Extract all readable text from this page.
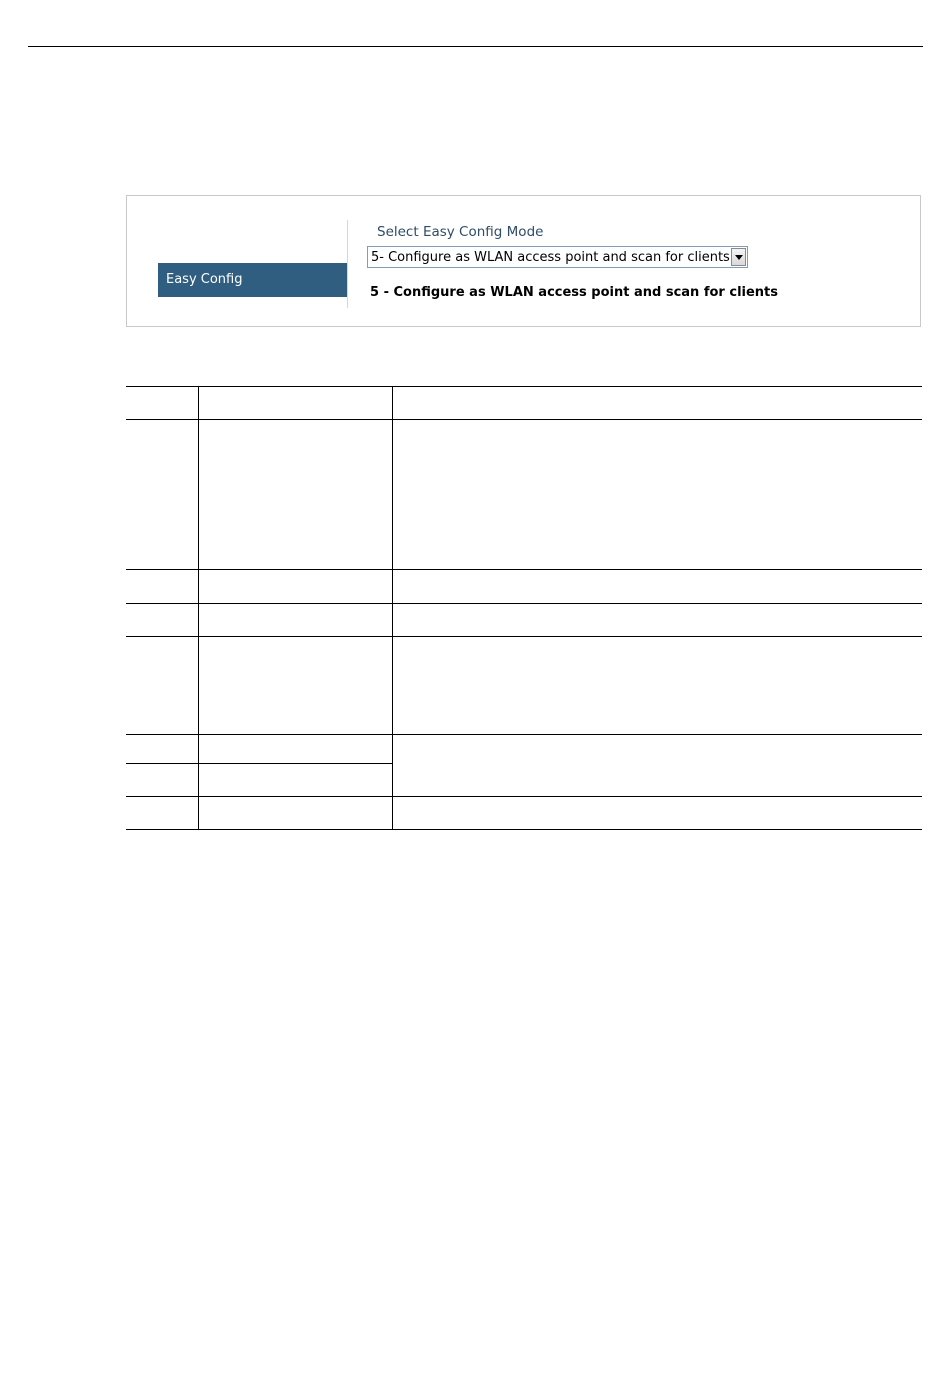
Easy Config
Select Easy Config Mode
5- Configure as WLAN access point and scan for clients
5 - Configure as WLAN access point and scan for clients
